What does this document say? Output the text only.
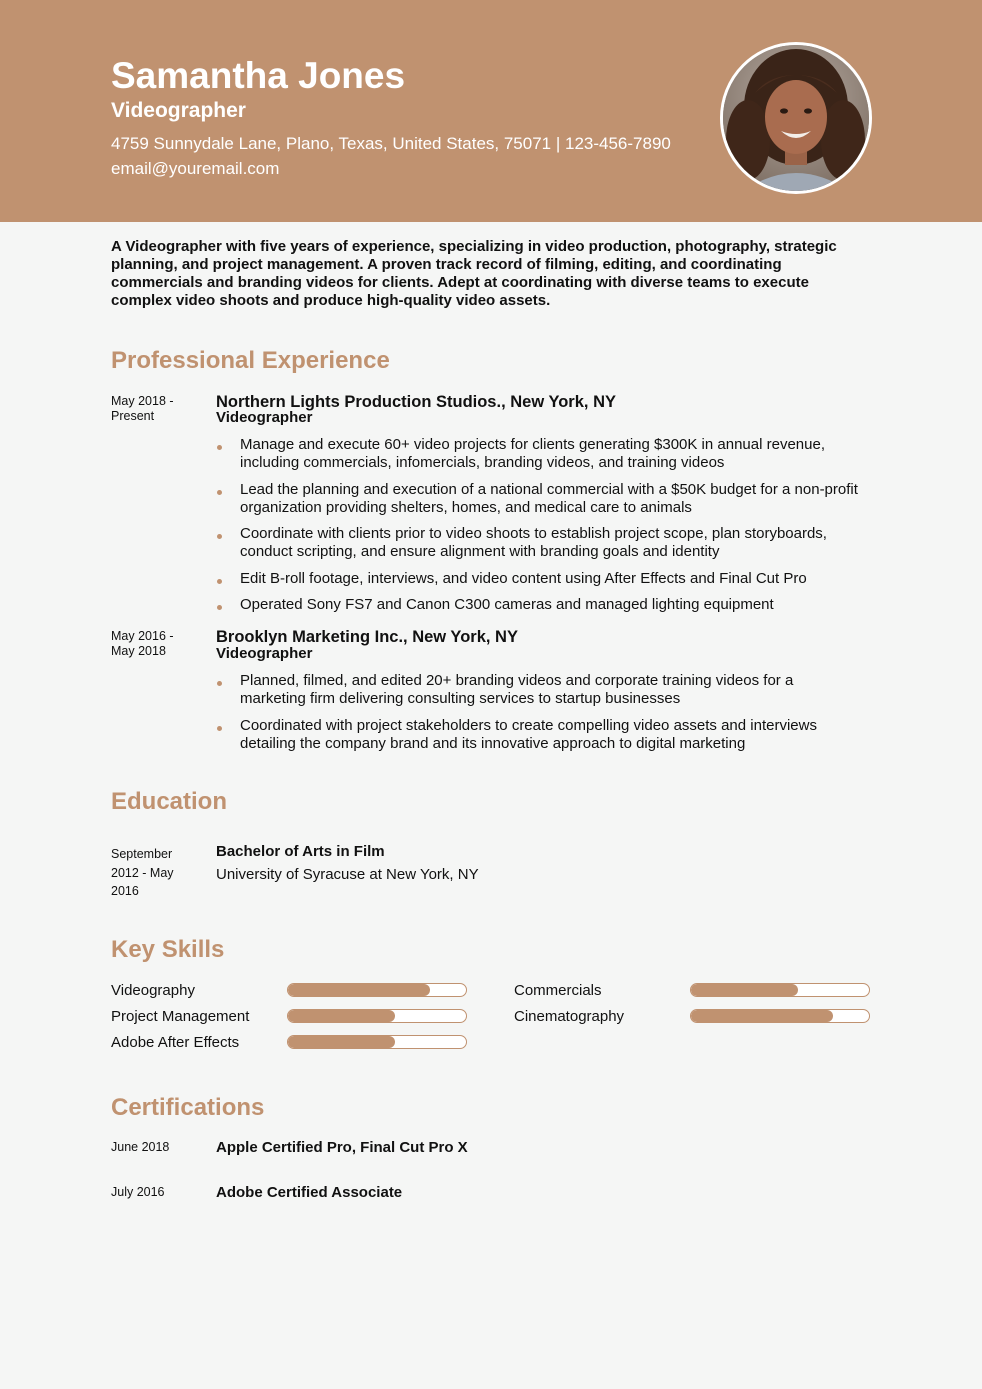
Samantha Jones
Videographer
4759 Sunnydale Lane, Plano, Texas, United States, 75071 | 123-456-7890
email@youremail.com
A Videographer with five years of experience, specializing in video production, photography, strategic planning, and project management. A proven track record of filming, editing, and coordinating commercials and branding videos for clients. Adept at coordinating with diverse teams to execute complex video shoots and produce high-quality video assets.
Professional Experience
May 2018 -
Present
Northern Lights Production Studios., New York, NY
Videographer
Manage and execute 60+ video projects for clients generating $300K in annual revenue, including commercials, infomercials, branding videos, and training videos
Lead the planning and execution of a national commercial with a $50K budget for a non-profit organization providing shelters, homes, and medical care to animals
Coordinate with clients prior to video shoots to establish project scope, plan storyboards, conduct scripting, and ensure alignment with branding goals and identity
Edit B-roll footage, interviews, and video content using After Effects and Final Cut Pro
Operated Sony FS7 and Canon C300 cameras and managed lighting equipment
May 2016 -
May 2018
Brooklyn Marketing Inc., New York, NY
Videographer
Planned, filmed, and edited 20+ branding videos and corporate training videos for a marketing firm delivering consulting services to startup businesses
Coordinated with project stakeholders to create compelling video assets and interviews detailing the company brand and its innovative approach to digital marketing
Education
September 2012 - May 2016
Bachelor of Arts in Film
University of Syracuse at New York, NY
Key Skills
Videography
Project Management
Adobe After Effects
Commercials
Cinematography
Certifications
June 2018	Apple Certified Pro, Final Cut Pro X
July 2016	Adobe Certified Associate
